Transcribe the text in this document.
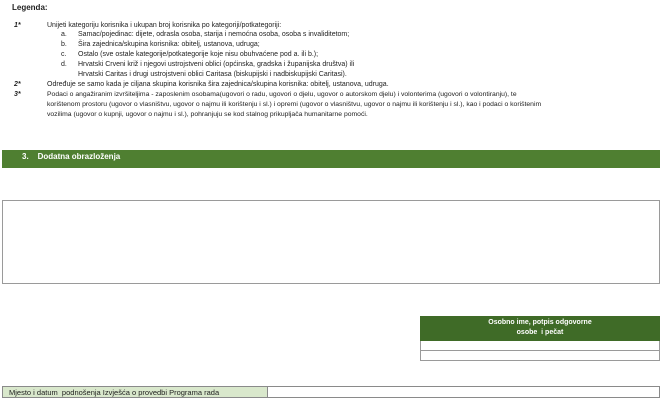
Legenda:
1*	Unijeti kategoriju korisnika i ukupan broj korisnika po kategoriji/potkategoriji:
a. Samac/pojedinac: dijete, odrasla osoba, starija i nemoćna osoba, osoba s invaliditetom;
b. Šira zajednica/skupina korisnika: obitelj, ustanova, udruga;
c. Ostalo (sve ostale kategorije/potkategorije koje nisu obuhvaćene pod a. ili b.);
d. Hrvatski Crveni križ i njegovi ustrojstveni oblici (općinska, gradska i županijska društva) ili
Hrvatski Caritas i drugi ustrojstveni oblici Caritasa (biskupijski i nadbiskupijski Caritasi).
2*	Određuje se samo kada je ciljana skupina korisnika šira zajednica/skupina korisnika: obitelj, ustanova, udruga.
3*	Podaci o angažiranim izvršiteljima - zaposlenim osobama(ugovori o radu, ugovori o djelu, ugovor o autorskom djelu) i volonterima (ugovori o volontiranju), te
korištenom prostoru (ugovor o vlasništvu, ugovor o najmu ili korištenju i sl.) i opremi (ugovor o vlasništvu, ugovor o najmu ili korištenju i sl.), kao i podaci o korištenim
vozilima (ugovor o kupnji, ugovor o najmu i sl.), pohranjuju se kod stalnog prikupljača humanitarne pomoći.
3.    Dodatna obrazloženja
Osobno ime, potpis odgovorne
osobe  i pečat
Mjesto i datum  podnošenja Izvješća o provedbi Programa rada
